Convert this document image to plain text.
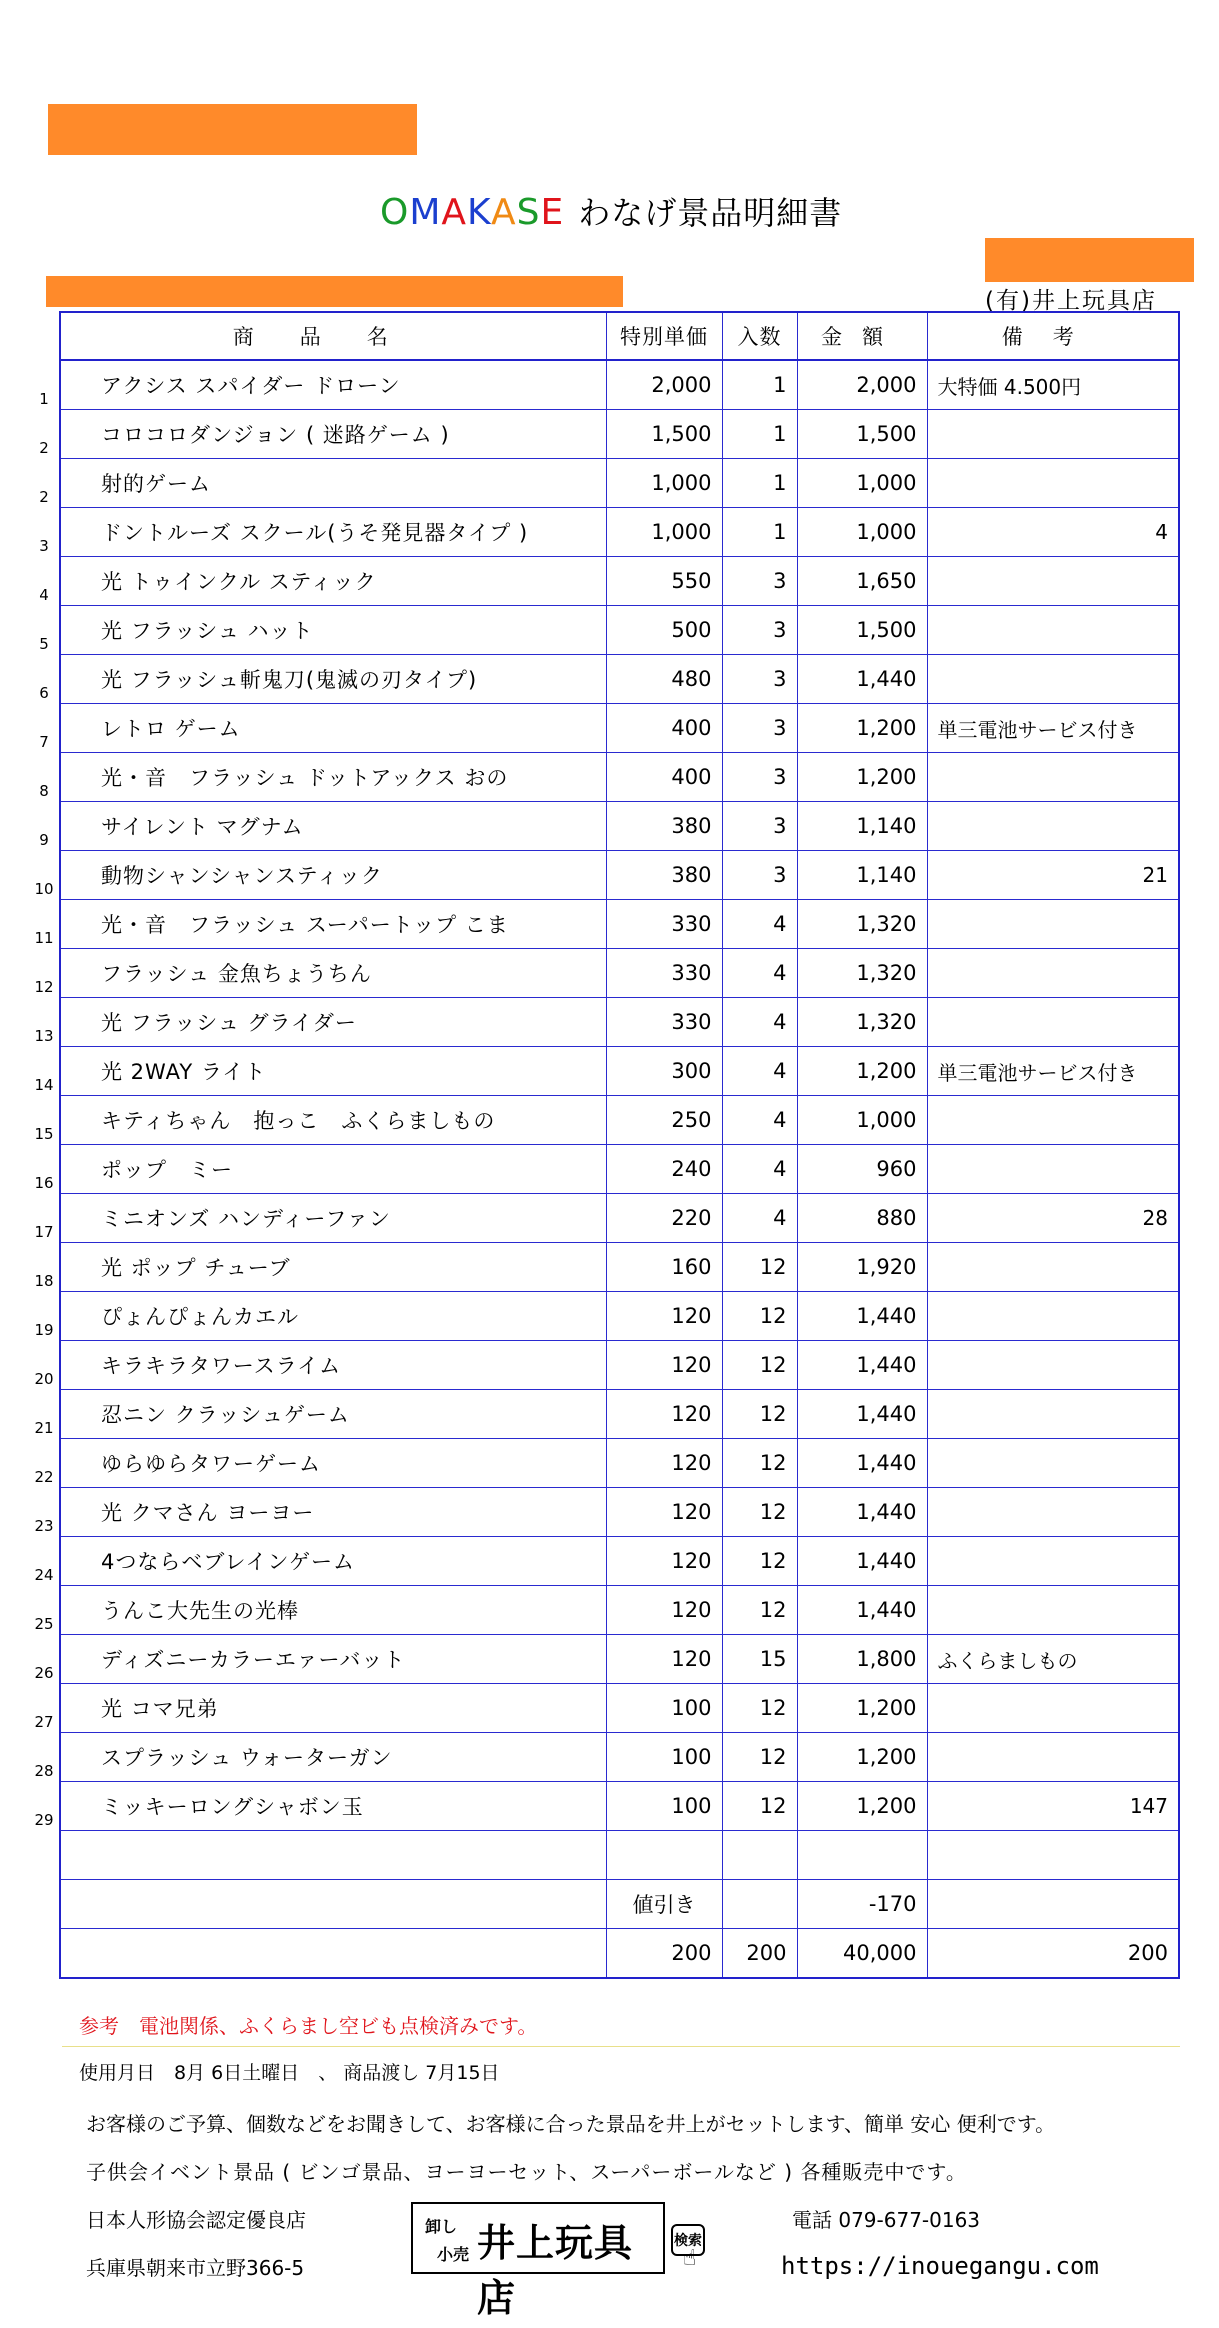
OMAKASE わなげ景品明細書
(有)井上玩具店
1
2
2
3
4
5
6
7
8
9
10
11
12
13
14
15
16
17
18
19
20
21
22
23
24
25
26
27
28
29
商品名	特別単価	入数	金額	備考
アクシス スパイダー ドローン	2,000	1	2,000	大特価 4.500円
コロコロダンジョン ( 迷路ゲーム )	1,500	1	1,500	
射的ゲーム	1,000	1	1,000	
ドントルーズ スクール(うそ発見器タイプ )	1,000	1	1,000	4
光 トゥインクル スティック	550	3	1,650	
光 フラッシュ ハット	500	3	1,500	
光 フラッシュ斬鬼刀(鬼滅の刃タイプ)	480	3	1,440	
レトロ ゲーム	400	3	1,200	単三電池サービス付き
光・音　フラッシュ ドットアックス おの	400	3	1,200	
サイレント マグナム	380	3	1,140	
動物シャンシャンスティック	380	3	1,140	21
光・音　フラッシュ スーパートップ こま	330	4	1,320	
フラッシュ 金魚ちょうちん	330	4	1,320	
光 フラッシュ グライダー	330	4	1,320	
光 2WAY ライト	300	4	1,200	単三電池サービス付き
キティちゃん　抱っこ　ふくらましもの	250	4	1,000	
ポップ　ミー	240	4	960	
ミニオンズ ハンディーファン	220	4	880	28
光 ポップ チューブ	160	12	1,920	
ぴょんぴょんカエル	120	12	1,440	
キラキラタワースライム	120	12	1,440	
忍ニン クラッシュゲーム	120	12	1,440	
ゆらゆらタワーゲーム	120	12	1,440	
光 クマさん ヨーヨー	120	12	1,440	
4つならベブレインゲーム	120	12	1,440	
うんこ大先生の光棒	120	12	1,440	
ディズニーカラーエァーバット	120	15	1,800	ふくらましもの
光 コマ兄弟	100	12	1,200	
スプラッシュ ウォーターガン	100	12	1,200	
ミッキーロングシャボン玉	100	12	1,200	147

	値引き		-170	
	200	200	40,000	200
参考　電池関係、ふくらまし空ビも点検済みです。
使用月日　8月 6日土曜日　、 商品渡し 7月15日
お客様のご予算、個数などをお聞きして、お客様に合った景品を井上がセットします、簡単 安心 便利です。
子供会イベント景品 ( ビンゴ景品、ヨーヨーセット、スーパーボールなど ) 各種販売中です。
日本人形協会認定優良店
兵庫県朝来市立野366-5
卸し
小売 井上玩具店
検索
☝
電話 079-677-0163
https://inouegangu.com
